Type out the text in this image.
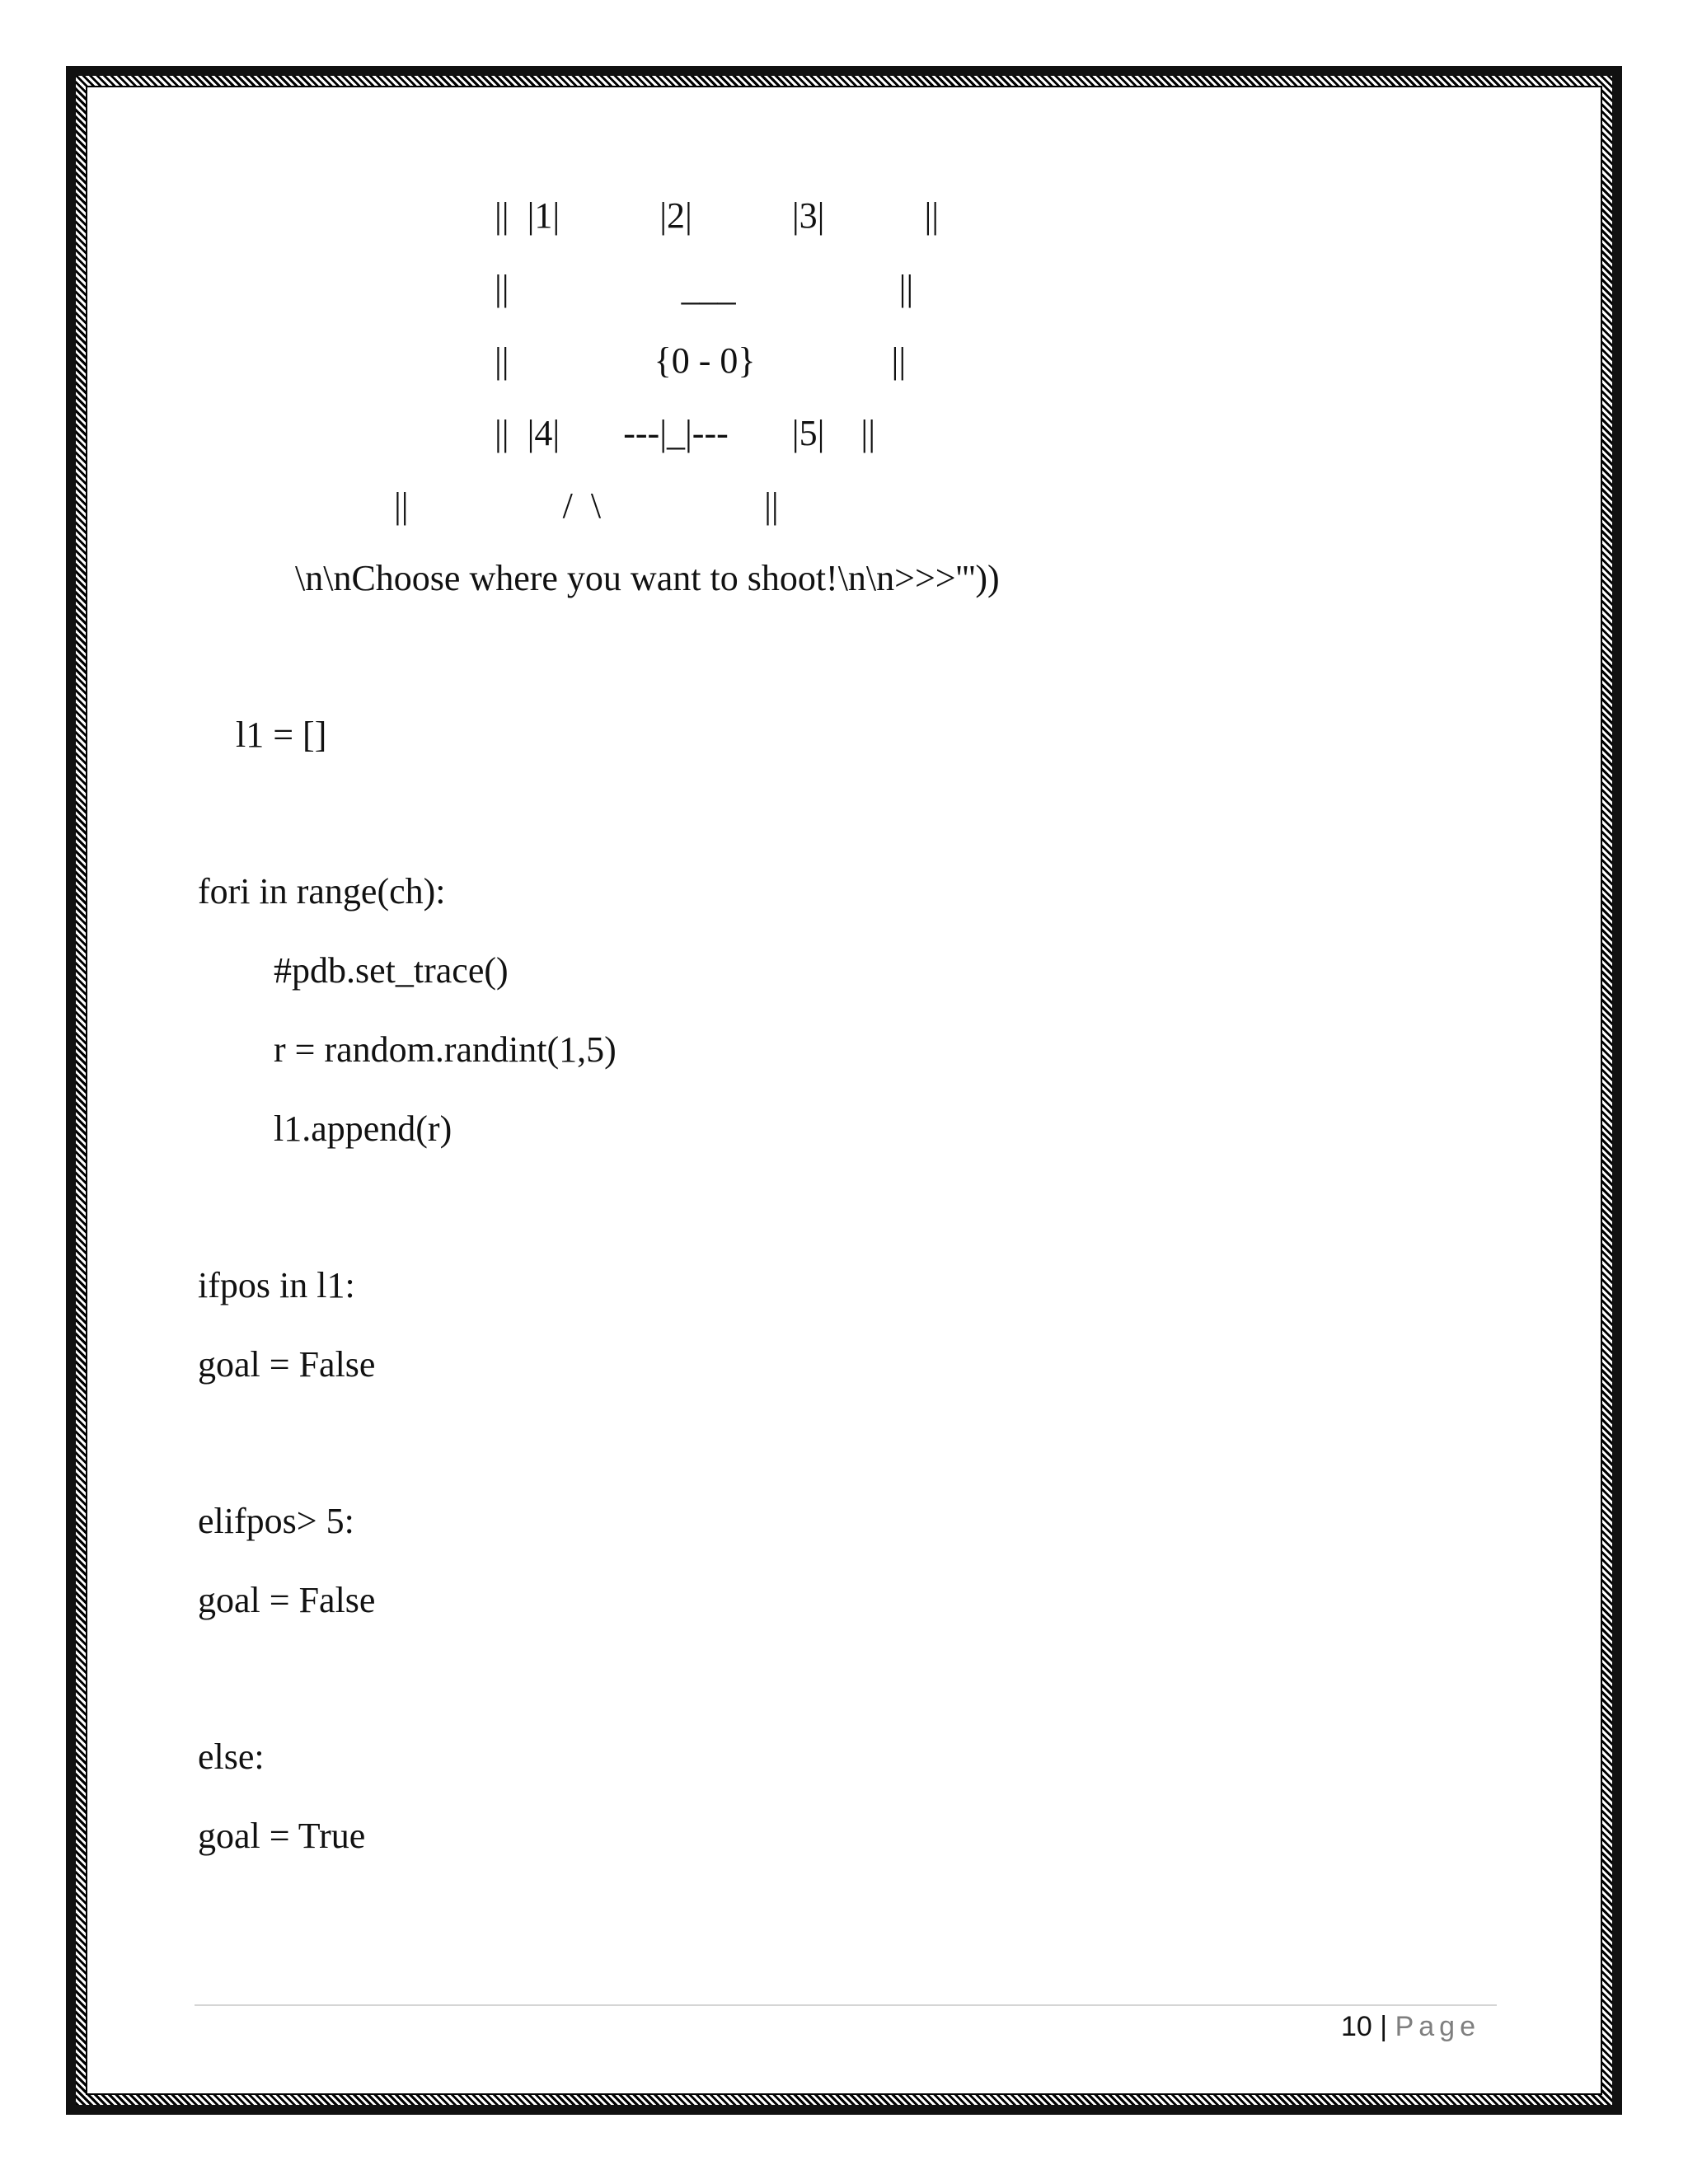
||  |1|           |2|           |3|           ||

||                   ___                  ||

||                {0 - 0}               ||

||  |4|       ---|_|---       |5|    ||

||                 /  \                  ||

\n\nChoose where you want to shoot!\n\n>>>'''))

l1 = []

fori in range(ch):

#pdb.set_trace()

r = random.randint(1,5)

l1.append(r)

ifpos in l1:

goal = False

elifpos> 5:

goal = False

else:

goal = True

10 | Page
